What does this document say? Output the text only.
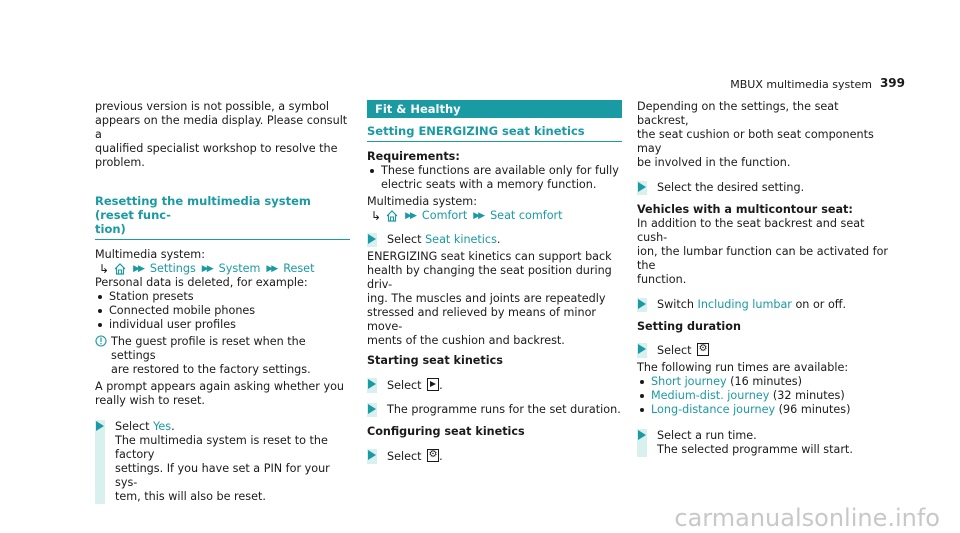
MBUX multimedia system 399

previous version is not possible, a symbol

appears on the media display. Please consult a

qualified specialist workshop to resolve the

problem.

Resetting the multimedia system (reset func-

tion)

Multimedia system:

↳	▶▶ Settings ▶▶ System ▶▶ Reset

Personal data is deleted, for example:

Station presets
Connected mobile phones
individual user profiles

The guest profile is reset when the settings

are restored to the factory settings.

A prompt appears again asking whether you

really wish to reset.

Select Yes.

The multimedia system is reset to the factory

settings. If you have set a PIN for your sys-

tem, this will also be reset.

Fit & Healthy
Setting ENERGIZING seat kinetics

Requirements:

These functions are available only for fully
electric seats with a memory function.

Multimedia system:

↳	▶▶ Comfort ▶▶ Seat comfort

Select Seat kinetics.

ENERGIZING seat kinetics can support back

health by changing the seat position during driv-

ing. The muscles and joints are repeatedly

stressed and relieved by means of minor move-

ments of the cushion and backrest.

Starting seat kinetics

Select
.

The programme runs for the set duration.

Configuring seat kinetics

Select ⚙ .

Depending on the settings, the seat backrest,

the seat cushion or both seat components may

be involved in the function.

Select the desired setting.

Vehicles with a multicontour seat:

In addition to the seat backrest and seat cush-

ion, the lumbar function can be activated for the

function.

Switch Including lumbar on or off.

Setting duration

Select ⚙

The following run times are available:

Short journey (16 minutes)
Medium-dist. journey (32 minutes)
Long-distance journey (96 minutes)

Select a run time.

The selected programme will start.

carmanualsonline.info
